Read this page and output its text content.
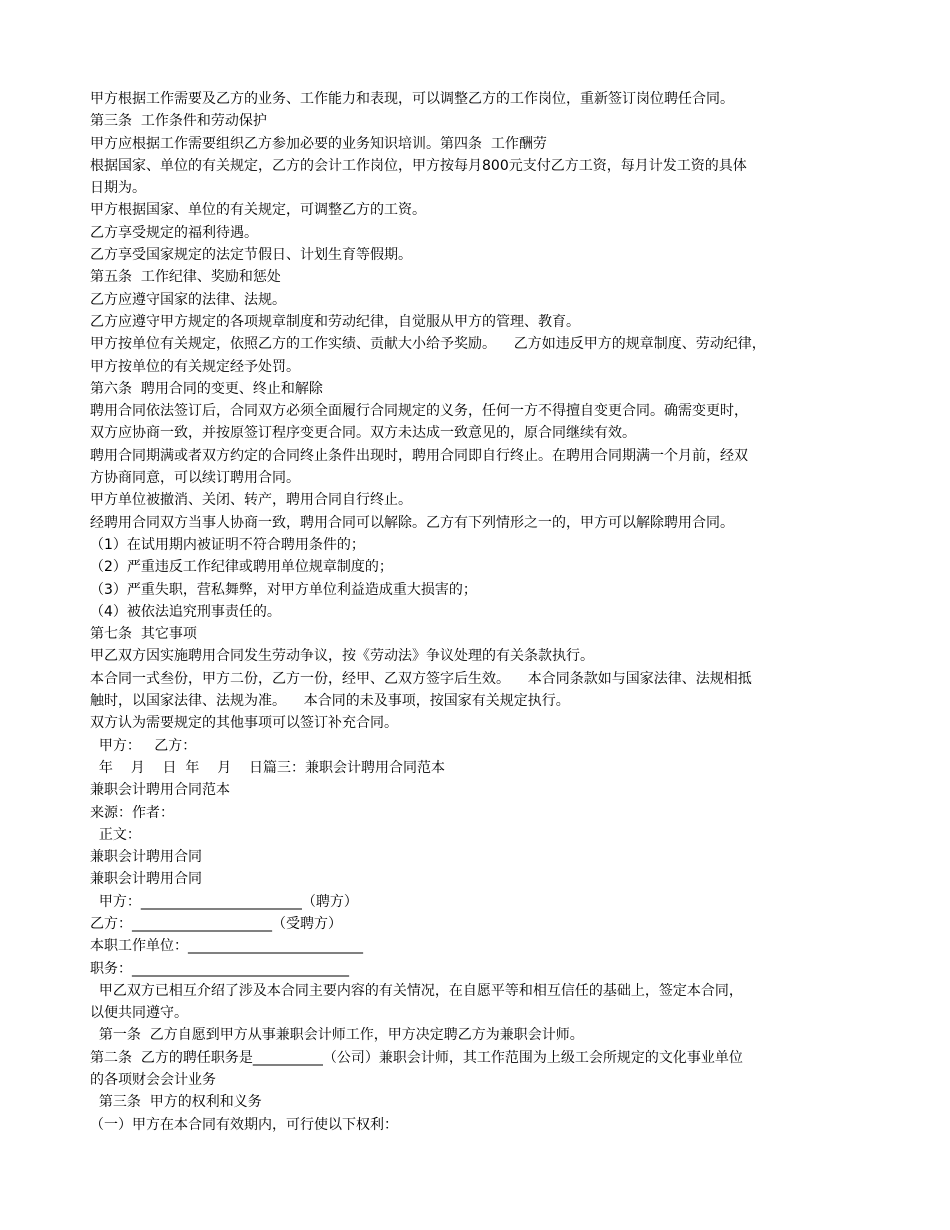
甲方根据工作需要及乙方的业务、工作能力和表现，可以调整乙方的工作岗位，重新签订岗位聘任合同。

第三条  工作条件和劳动保护

甲方应根据工作需要组织乙方参加必要的业务知识培训。第四条  工作酬劳

根据国家、单位的有关规定，乙方的会计工作岗位，甲方按每月800元支付乙方工资，每月计发工资的具体

日期为。

甲方根据国家、单位的有关规定，可调整乙方的工资。

乙方享受规定的福利待遇。

乙方享受国家规定的法定节假日、计划生育等假期。

第五条  工作纪律、奖励和惩处

乙方应遵守国家的法律、法规。

乙方应遵守甲方规定的各项规章制度和劳动纪律，自觉服从甲方的管理、教育。

甲方按单位有关规定，依照乙方的工作实绩、贡献大小给予奖励。    乙方如违反甲方的规章制度、劳动纪律，

甲方按单位的有关规定经予处罚。

第六条  聘用合同的变更、终止和解除

聘用合同依法签订后，合同双方必须全面履行合同规定的义务，任何一方不得擅自变更合同。确需变更时，

双方应协商一致，并按原签订程序变更合同。双方未达成一致意见的，原合同继续有效。

聘用合同期满或者双方约定的合同终止条件出现时，聘用合同即自行终止。在聘用合同期满一个月前，经双

方协商同意，可以续订聘用合同。

甲方单位被撤消、关闭、转产，聘用合同自行终止。

经聘用合同双方当事人协商一致，聘用合同可以解除。乙方有下列情形之一的，甲方可以解除聘用合同。

（1）在试用期内被证明不符合聘用条件的；

（2）严重违反工作纪律或聘用单位规章制度的；

（3）严重失职，营私舞弊，对甲方单位利益造成重大损害的；

（4）被依法追究刑事责任的。

第七条  其它事项

甲乙双方因实施聘用合同发生劳动争议，按《劳动法》争议处理的有关条款执行。

本合同一式叁份，甲方二份，乙方一份，经甲、乙双方签字后生效。    本合同条款如与国家法律、法规相抵

触时，以国家法律、法规为准。    本合同的未及事项，按国家有关规定执行。

双方认为需要规定的其他事项可以签订补充合同。

甲方：   乙方：

年    月    日  年    月    日篇三：兼职会计聘用合同范本

兼职会计聘用合同范本

来源：作者：

正文：

兼职会计聘用合同

兼职会计聘用合同

甲方：_______________________（聘方）

乙方：____________________（受聘方）

本职工作单位：_________________________

职务：_______________________________

甲乙双方已相互介绍了涉及本合同主要内容的有关情况，在自愿平等和相互信任的基础上，签定本合同，

以便共同遵守。

第一条  乙方自愿到甲方从事兼职会计师工作，甲方决定聘乙方为兼职会计师。

第二条  乙方的聘任职务是__________（公司）兼职会计师，其工作范围为上级工会所规定的文化事业单位

的各项财会会计业务

第三条  甲方的权利和义务

（一）甲方在本合同有效期内，可行使以下权利：
